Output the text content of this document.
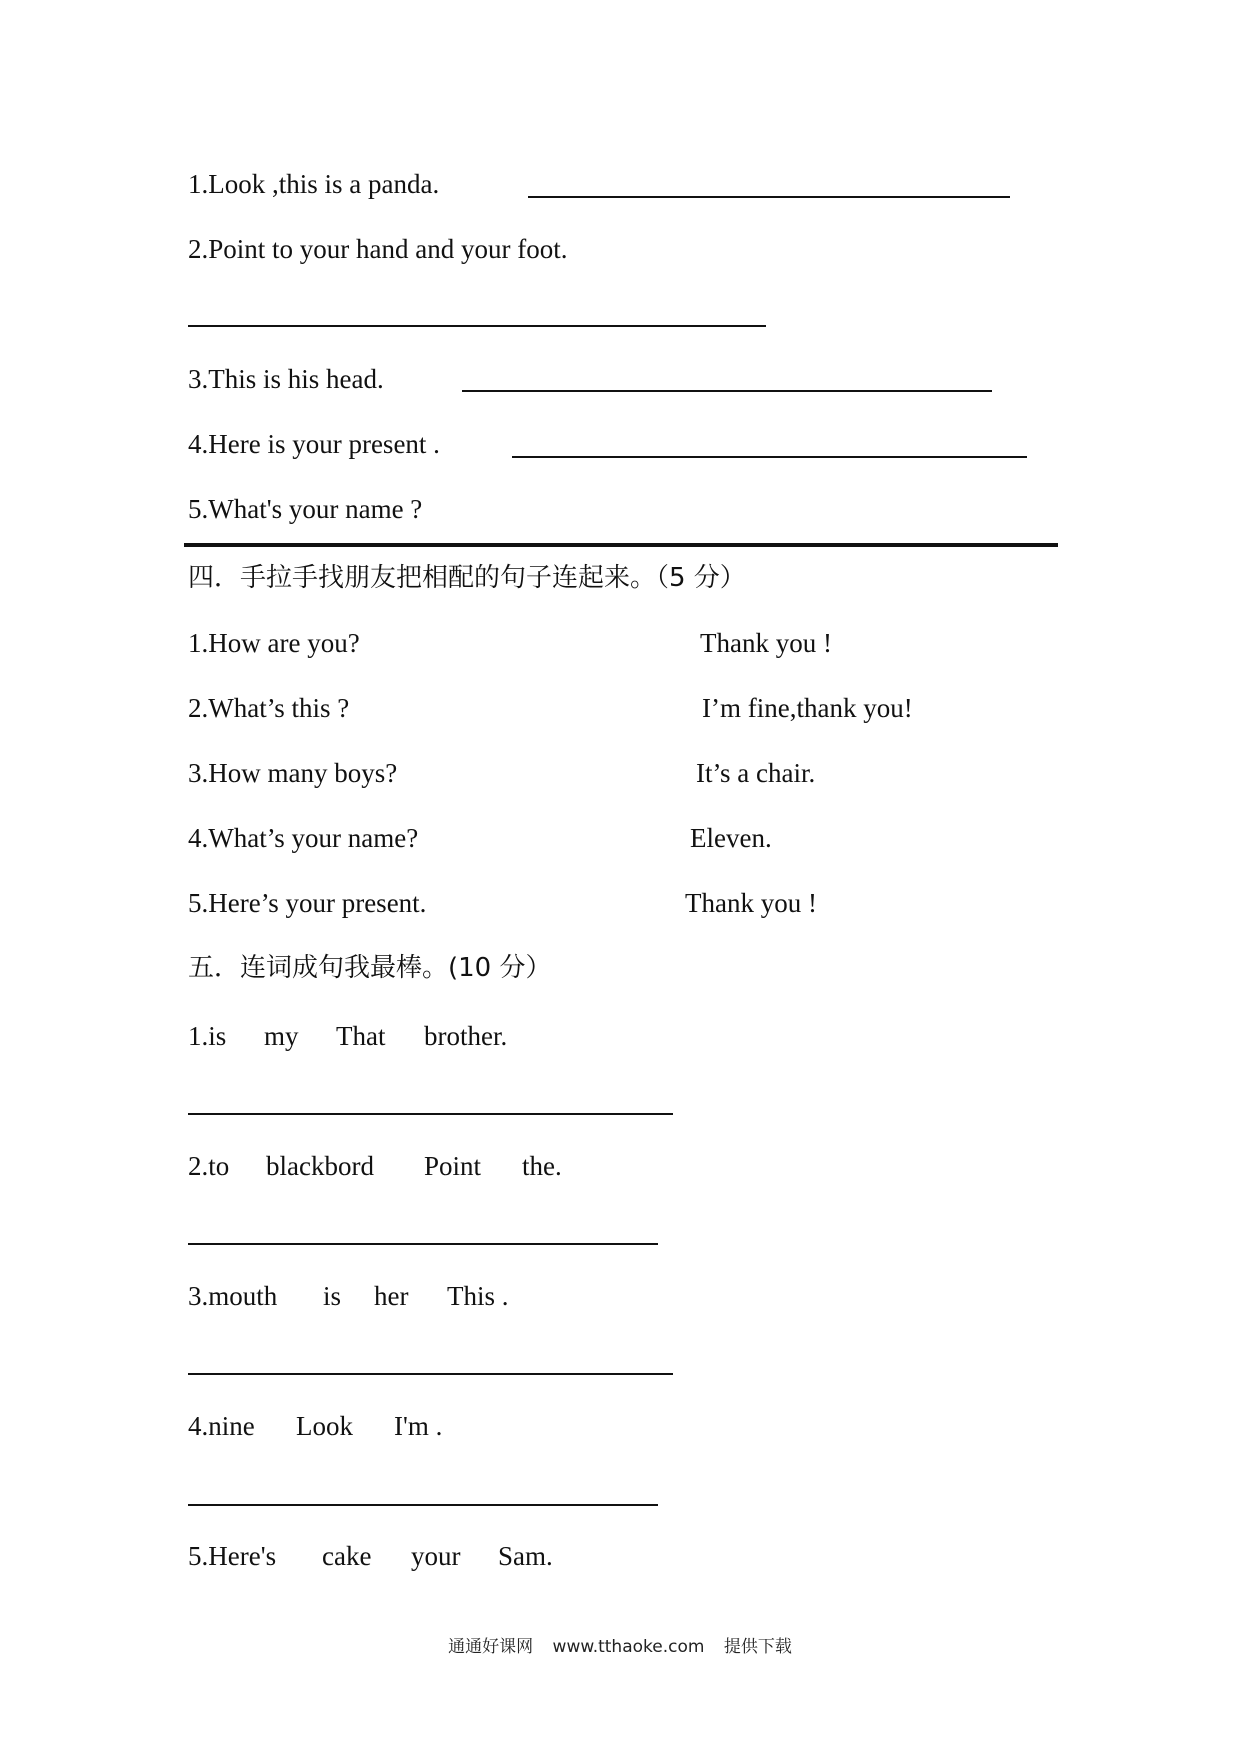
1.Look ,this is a panda.
2.Point to your hand and your foot.
3.This is his head.
4.Here is your present .
5.What's your name ?
四．手拉手找朋友把相配的句子连起来。（5 分）
1.How are you?	Thank you !
2.What’s this ?	I’m fine,thank you!
3.How many boys?	It’s a chair.
4.What’s your name?	Eleven.
5.Here’s your present.	Thank you !
五．连词成句我最棒。(10 分）
1.is my That brother.
2.to blackbord Point the.
3.mouth is her This .
4.nine Look I'm .
5.Here's cake your Sam.
通通好课网 www.tthaoke.com 提供下载
